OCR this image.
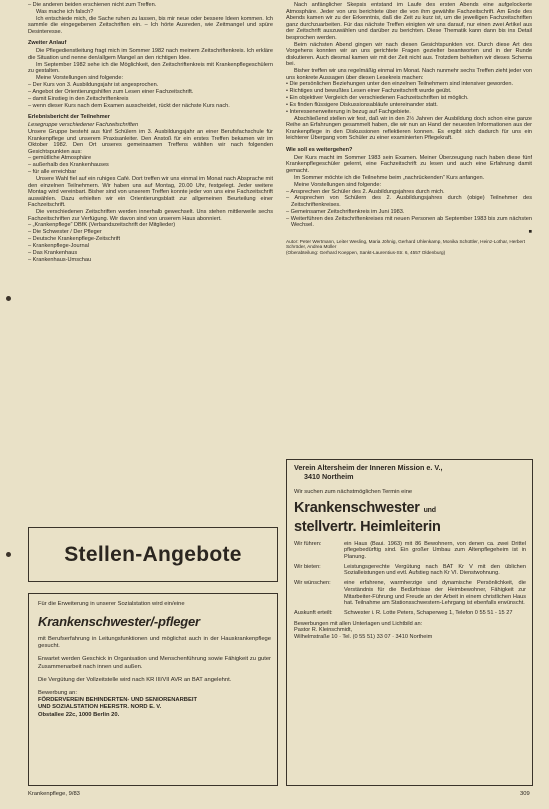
– Die anderen beiden erschienen nicht zum Treffen.
Was mache ich falsch?
Ich entschiede mich, die Sache ruhen zu lassen, bis mir neue oder bessere Ideen kommen. Ich sammle die eingegebenen Zeitschriften ein. – Ich hörte Ausreden, wie Zeitmangel und spüre Desinteresse.
Zweiter Anlauf
Die Pflegedienstleitung fragt mich im Sommer 1982 nach meinem Zeitschriftenkreis. Ich erkläre die Situation und nenne den/allgem Mangel an den richtigen Idee.
Im September 1982 sehe ich die Möglichkeit, den Zeitschriftenkreis mit Krankenpflegeschülern zu gestalten.
Meine Vorstellungen sind folgende:
– Der Kurs von 3. Ausbildungsjahr ist angesprochen.
– Angebot der Orientierungshilfen zum Lesen einer Fachzeitschrift.
– damit Einstieg in den Zeitschriftenkreis
– wenn dieser Kurs nach dem Examen ausscheidet, rückt der nächste Kurs nach.
Erlebnisbericht der Teilnehmer
Lesegruppe verschiedener Fachzeitschriften
Unsere Gruppe besteht aus fünf Schülern im 3. Ausbildungsjahr an einer Berufsfachschule für Krankenpflege und unserem Praxisanleiter. Den Anstoß für ein erstes Treffen bekamen wir im Oktober 1982. Den Ort unseres gemeinsamen Treffens wählten wir nach folgenden Gesichtspunkten aus:
– gemütliche Atmosphäre
– außerhalb des Krankenhauses
– für alle erreichbar
Unsere Wahl fiel auf ein ruhiges Café. Dort treffen wir uns einmal im Monat nach Absprache mit den einzelnen Teilnehmern. Wir haben uns auf Montag, 20.00 Uhr, festgelegt. Jeder weitere Montag wird vereinbart. Bisher sind von unserem Treffen konnte jeder von uns eine Fachzeitschrift auswählen. Dazu erhielten wir ein Orientierungsblatt zur allgemeinen Beurteilung einer Fachzeitschrift.
Die verschiedenen Zeitschriften werden innerhalb gewechselt. Uns stehen mittlerweile sechs Fachzeitschriften zur Verfügung. Wir davon sind von unserem Haus abonniert.
– „Krankenpflege“ DBfK (Verbandszeitschrift der Mitglieder)
– Die Schwester / Der Pfleger
– Deutsche Krankenpflege-Zeitschrift
– Krankenpflege-Journal
– Das Krankenhaus
– Krankenhaus-Umschau
Nach anfänglicher Skepsis entstand im Laufe des ersten Abends eine aufgelockerte Atmosphäre. Jeder von uns berichtete über die von ihm gewählte Fachzeitschrift. Am Ende des Abends kamen wir zu der Erkenntnis, daß die Zeit zu kurz ist, um die jeweiligen Fachzeitschriften ganz durchzuarbeiten. Für das nächste Treffen einigten wir uns darauf, nur einen zwei Artikel aus der Zeitschrift auszuwählen und darüber zu berichten. Diese Thematik kann dann bis ins Detail besprochen werden.
Beim nächsten Abend gingen wir nach diesen Gesichtspunkten vor. Durch diese Art des Vorgehens konnten wir an uns gerichtete Fragen gezielter beantworten und in der Runde diskutieren. Auch diesmal kamen wir mit der Zeit nicht aus. Trotzdem behielten wir dieses Schema bei.
Bisher treffen wir uns regelmäßig einmal im Monat. Nach nunmehr sechs Treffen zieht jeder von uns konkrete Aussagen über diesen Lesekreis machen:
• Die persönlichen Beziehungen unter den einzelnen Teilnehmern sind intensiver geworden.
• Richtiges und bewußtes Lesen einer Fachzeitschrift wurde geübt.
• Ein objektiver Vergleich der verschiedenen Fachzeitschriften ist möglich.
• Es finden flüssigere Diskussionsabläufe untereinander statt.
• Interessenerweiterung in bezug auf Fachgebiete.
Abschließend stellen wir fest, daß wir in den 2½ Jahren der Ausbildung doch schon eine ganze Reihe an Erfahrungen gesammelt haben, die wir nun an Hand der neuesten Informationen aus der Krankenpflege in den Diskussionen reflektieren konnen. Es ergibt sich dadurch für uns ein leichterer Übergang vom Schüler zu einer examinierten Pflegekraft.
Wie soll es weitergehen?
Der Kurs macht im Sommer 1983 sein Examen. Meiner Überzeugung nach haben diese fünf Krankenpflegeschüler gelernt, eine Fachzeitschrift zu lesen und auch eine Erfahrung damit gemacht.
Im Sommer möchte ich die Teilnehme beim „nachrückenden“ Kurs anfangen.
Meine Vorstellungen sind folgende:
– Ansprechen der Schüler des 2. Ausbildungsjahres durch mich.
– Ansprechen von Schülern des 2. Ausbildungsjahres durch (obige) Teilnehmer des Zeitschriftenkreises.
– Gemeinsamer Zeitschriftenkreis im Juni 1983.
– Weiterführen des Zeitschriftenkreises mit neuen Personen ab September 1983 bis zum nächsten Wechsel.
■
Autor: Peter Wertmann, Leiter Wesling, Maria Jöhnig, Gerhard Uhlenkamp, Monika Schüttler, Heinz-Lothar, Herbert Schröder, Andrea Müller
(Oberabteilung: Gerhard Koeppen, Sankt-Laurentius-Str. 6, 4557 Oldenburg)
Stellen-Angebote
Für die Erweiterung in unserer Sozialstation wird ein/eine
Krankenschwester/-pfleger
mit Berufserfahrung in Leitungsfunktionen und möglichst auch in der Hauskrankenpflege gesucht.
Erwartet werden Geschick in Organisation und Menschenführung sowie Fähigkeit zu guter Zusammenarbeit nach innen und außen.
Die Vergütung der Vollzeitstelle wird nach KR III/VII AVR an BAT angelehnt.
Bewerbung an:
FÖRDERVEREIN BEHINDERTEN- UND SENIORENARBEIT
UND SOZIALSTATION HEERSTR. NORD E. V.
Obstallee 22c, 1000 Berlin 20.
Verein Altersheim der Inneren Mission e. V.,
3410 Northeim
Wir suchen zum nächstmöglichen Termin eine
Krankenschwester und
stellvertr. Heimleiterin
Wir führen:	ein Haus (Baui. 1963) mit 86 Bewohnern, von denen ca. zwei Drittel pflegebedürftig sind. Ein großer Umbau zum Altenpflegeheim ist in Planung.
Wir bieten:	Leistungsgerechte Vergütung nach BAT Kr V mit den üblichen Sozialleistungen und evtl. Aufstieg nach Kr VI. Dienstwohnung.
Wir wünschen:	eine erfahrene, warmherzige und dynamische Persönlichkeit, die Verständnis für die Bedürfnisse der Heimbewohner, Fähigkeit zur Mitarbeiter-Führung und Freude an der Arbeit in einem christlichen Haus hat. Teilnahme am Stationsschwestern-Lehrgang ist ebenfalls erwünscht.
Auskunft erteilt:	Schwester i. R. Lotte Peters, Schaperweg 1, Telefon 0 55 51 - 15 27
Bewerbungen mit allen Unterlagen und Lichtbild an:
Pastor R. Kleinschmidt,
Wilhelmstraße 10 · Tel. (0 55 51) 33 07 · 3410 Northeim
Krankenpflege, 9/83	309
